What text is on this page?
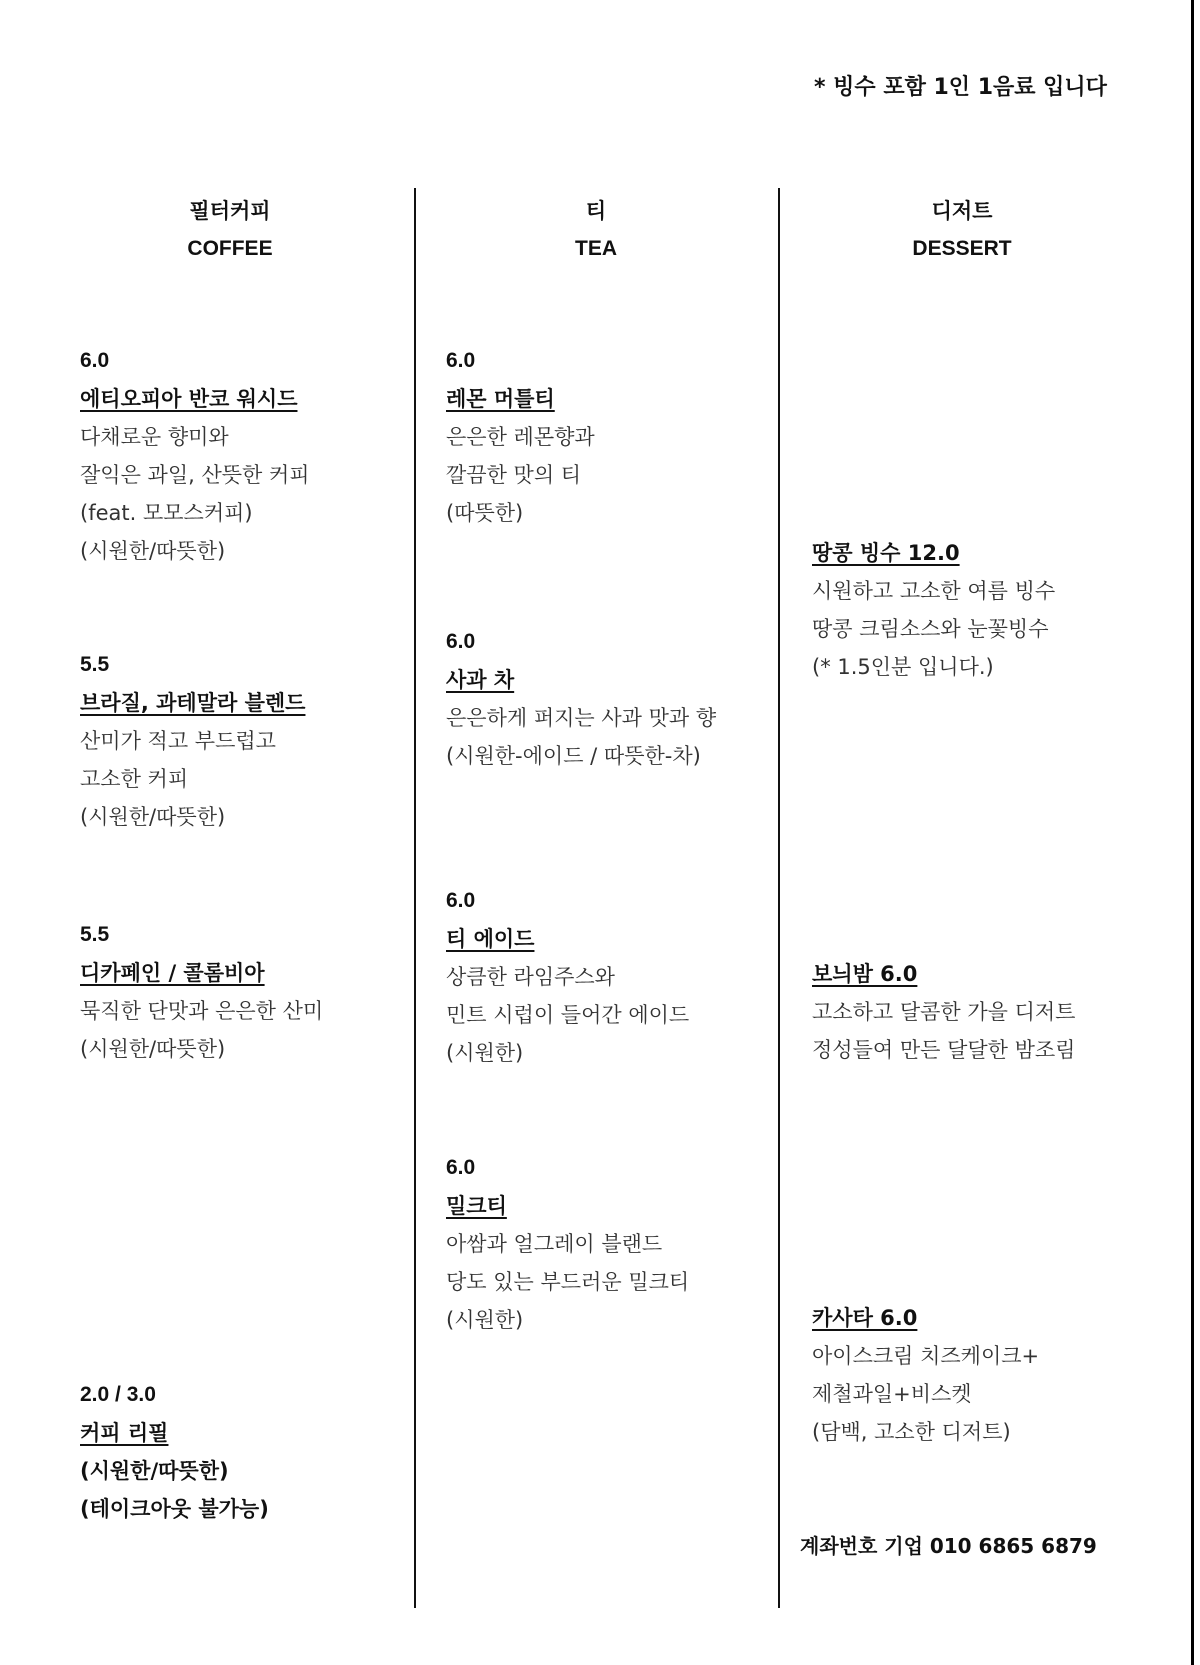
* 빙수 포함 1인 1음료 입니다
필터커피
COFFEE
티
TEA
디저트
DESSERT
6.0
에티오피아 반코 워시드
다채로운 향미와
잘익은 과일, 산뜻한 커피
(feat. 모모스커피)
(시원한/따뜻한)
5.5
브라질, 과테말라 블렌드
산미가 적고 부드럽고
고소한 커피
(시원한/따뜻한)
5.5
디카페인 / 콜롬비아
묵직한 단맛과 은은한 산미
(시원한/따뜻한)
2.0 / 3.0
커피 리필
(시원한/따뜻한)
(테이크아웃 불가능)
6.0
레몬 머틀티
은은한 레몬향과
깔끔한 맛의 티
(따뜻한)
6.0
사과 차
은은하게 퍼지는 사과 맛과 향
(시원한-에이드 / 따뜻한-차)
6.0
티 에이드
상큼한 라임주스와
민트 시럽이 들어간 에이드
(시원한)
6.0
밀크티
아쌈과 얼그레이 블랜드
당도 있는 부드러운 밀크티
(시원한)
땅콩 빙수 12.0
시원하고 고소한 여름 빙수
땅콩 크림소스와 눈꽃빙수
(* 1.5인분 입니다.)
보늬밤 6.0
고소하고 달콤한 가을 디저트
정성들여 만든 달달한 밤조림
카사타 6.0
아이스크림 치즈케이크+
제철과일+비스켓
(담백, 고소한 디저트)
계좌번호 기업 010 6865 6879
